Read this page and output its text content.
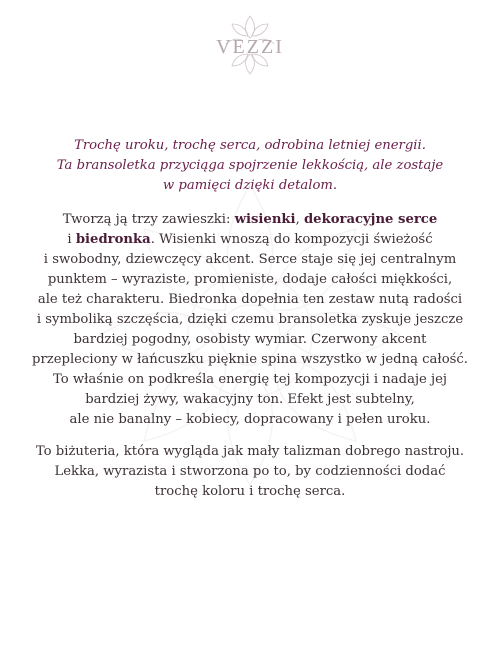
VEZZI
Trochę uroku, trochę serca, odrobina letniej energii.
Ta bransoletka przyciąga spojrzenie lekkością, ale zostaje
w pamięci dzięki detalom.
Tworzą ją trzy zawieszki: wisienki, dekoracyjne serce
i biedronka. Wisienki wnoszą do kompozycji świeżość
i swobodny, dziewczęcy akcent. Serce staje się jej centralnym
punktem – wyraziste, promieniste, dodaje całości miękkości,
ale też charakteru. Biedronka dopełnia ten zestaw nutą radości
i symboliką szczęścia, dzięki czemu bransoletka zyskuje jeszcze
bardziej pogodny, osobisty wymiar. Czerwony akcent
przepleciony w łańcuszku pięknie spina wszystko w jedną całość.
To właśnie on podkreśla energię tej kompozycji i nadaje jej
bardziej żywy, wakacyjny ton. Efekt jest subtelny,
ale nie banalny – kobiecy, dopracowany i pełen uroku.
To biżuteria, która wygląda jak mały talizman dobrego nastroju.
Lekka, wyrazista i stworzona po to, by codzienności dodać
trochę koloru i trochę serca.
